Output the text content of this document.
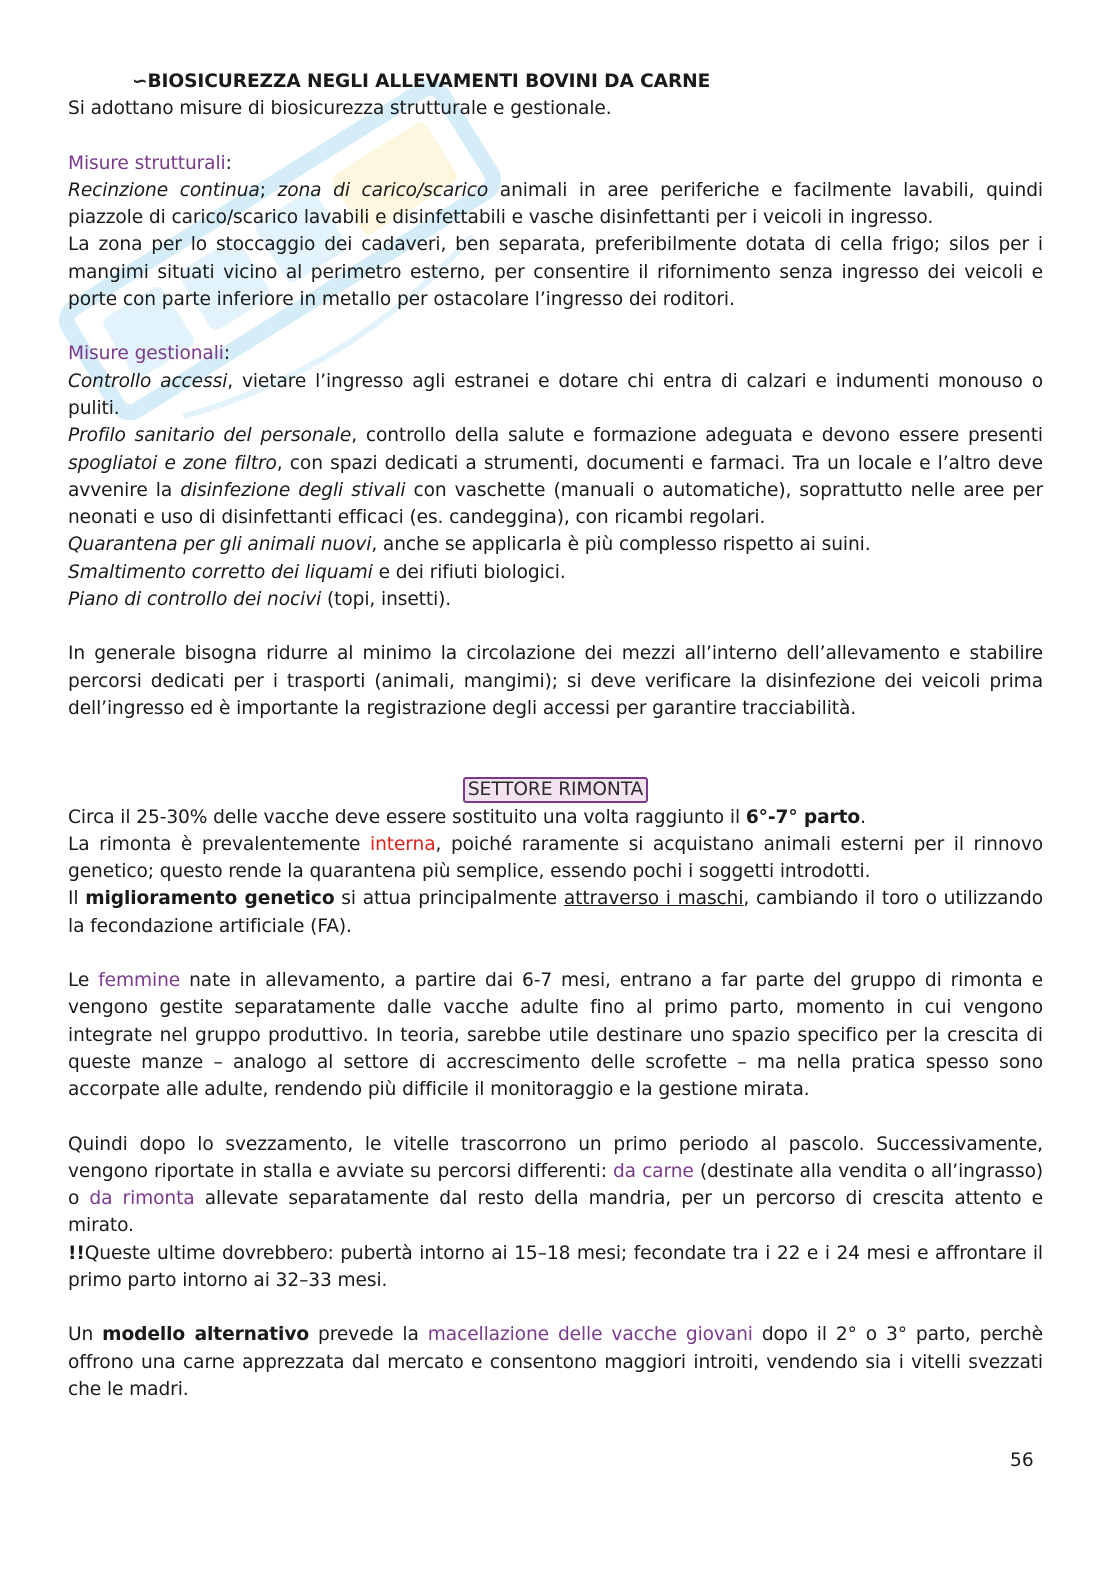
∽BIOSICUREZZA NEGLI ALLEVAMENTI BOVINI DA CARNE

Si adottano misure di biosicurezza strutturale e gestionale.

Misure strutturali:

Recinzione continua; zona di carico/scarico animali in aree periferiche e facilmente lavabili, quindi piazzole di carico/scarico lavabili e disinfettabili e vasche disinfettanti per i veicoli in ingresso.

La zona per lo stoccaggio dei cadaveri, ben separata, preferibilmente dotata di cella frigo; silos per i mangimi situati vicino al perimetro esterno, per consentire il rifornimento senza ingresso dei veicoli e porte con parte inferiore in metallo per ostacolare l’ingresso dei roditori.

Misure gestionali:

Controllo accessi, vietare l’ingresso agli estranei e dotare chi entra di calzari e indumenti monouso o puliti.

Profilo sanitario del personale, controllo della salute e formazione adeguata e devono essere presenti spogliatoi e zone filtro, con spazi dedicati a strumenti, documenti e farmaci. Tra un locale e l’altro deve avvenire la disinfezione degli stivali con vaschette (manuali o automatiche), soprattutto nelle aree per neonati e uso di disinfettanti efficaci (es. candeggina), con ricambi regolari.

Quarantena per gli animali nuovi, anche se applicarla è più complesso rispetto ai suini.

Smaltimento corretto dei liquami e dei rifiuti biologici.

Piano di controllo dei nocivi (topi, insetti).

In generale bisogna ridurre al minimo la circolazione dei mezzi all’interno dell’allevamento e stabilire percorsi dedicati per i trasporti (animali, mangimi); si deve verificare la disinfezione dei veicoli prima dell’ingresso ed è importante la registrazione degli accessi per garantire tracciabilità.

SETTORE RIMONTA

Circa il 25-30% delle vacche deve essere sostituito una volta raggiunto il 6°-7° parto.

La rimonta è prevalentemente interna, poiché raramente si acquistano animali esterni per il rinnovo genetico; questo rende la quarantena più semplice, essendo pochi i soggetti introdotti.

Il miglioramento genetico si attua principalmente attraverso i maschi, cambiando il toro o utilizzando la fecondazione artificiale (FA).

Le femmine nate in allevamento, a partire dai 6-7 mesi, entrano a far parte del gruppo di rimonta e vengono gestite separatamente dalle vacche adulte fino al primo parto, momento in cui vengono integrate nel gruppo produttivo. In teoria, sarebbe utile destinare uno spazio specifico per la crescita di queste manze – analogo al settore di accrescimento delle scrofette – ma nella pratica spesso sono accorpate alle adulte, rendendo più difficile il monitoraggio e la gestione mirata.

Quindi dopo lo svezzamento, le vitelle trascorrono un primo periodo al pascolo. Successivamente, vengono riportate in stalla e avviate su percorsi differenti: da carne (destinate alla vendita o all’ingrasso) o da rimonta allevate separatamente dal resto della mandria, per un percorso di crescita attento e mirato.

!!Queste ultime dovrebbero: pubertà intorno ai 15–18 mesi; fecondate tra i 22 e i 24 mesi e affrontare il primo parto intorno ai 32–33 mesi.

Un modello alternativo prevede la macellazione delle vacche giovani dopo il 2° o 3° parto, perchè offrono una carne apprezzata dal mercato e consentono maggiori introiti, vendendo sia i vitelli svezzati che le madri.

56
